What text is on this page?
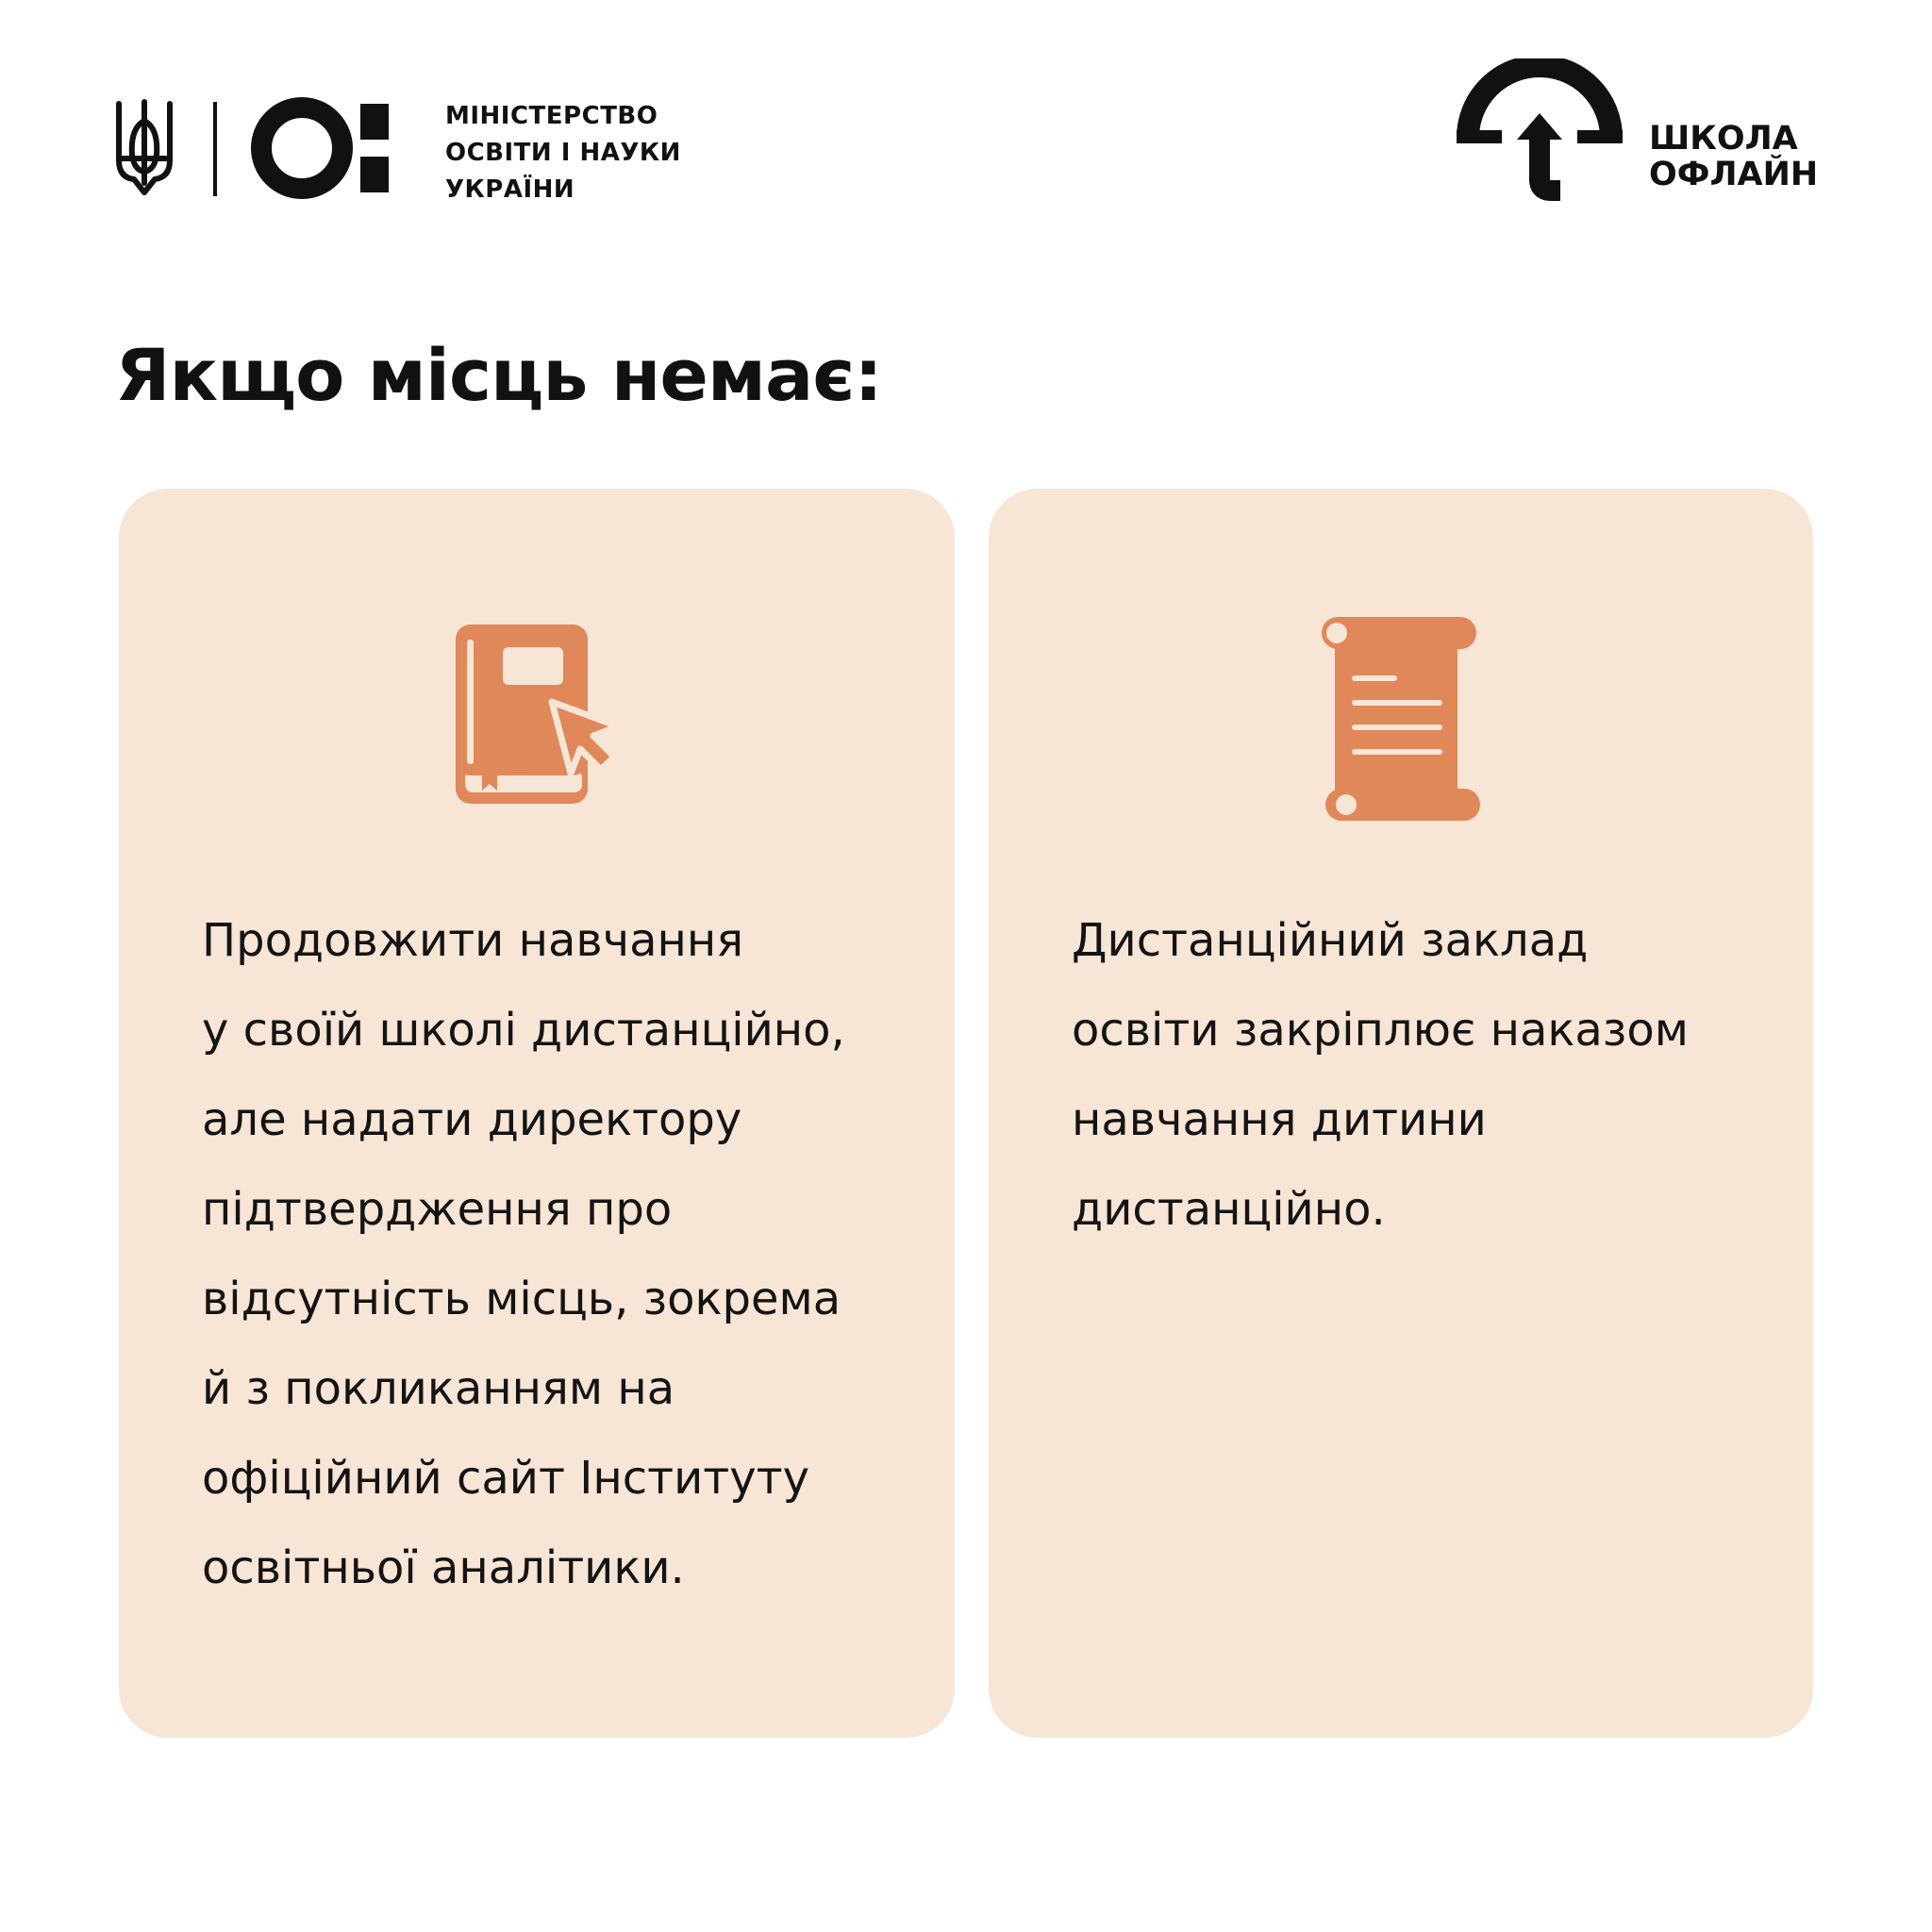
МІНІСТЕРСТВО
ОСВІТИ І НАУКИ
УКРАЇНИ
ШКОЛА
ОФЛАЙН
Якщо місць немає:
Продовжити навчання
у своїй школі дистанційно,
але надати директору
підтвердження про
відсутність місць, зокрема
й з покликанням на
офіційний сайт Інституту
освітньої аналітики.
Дистанційний заклад
освіти закріплює наказом
навчання дитини
дистанційно.
